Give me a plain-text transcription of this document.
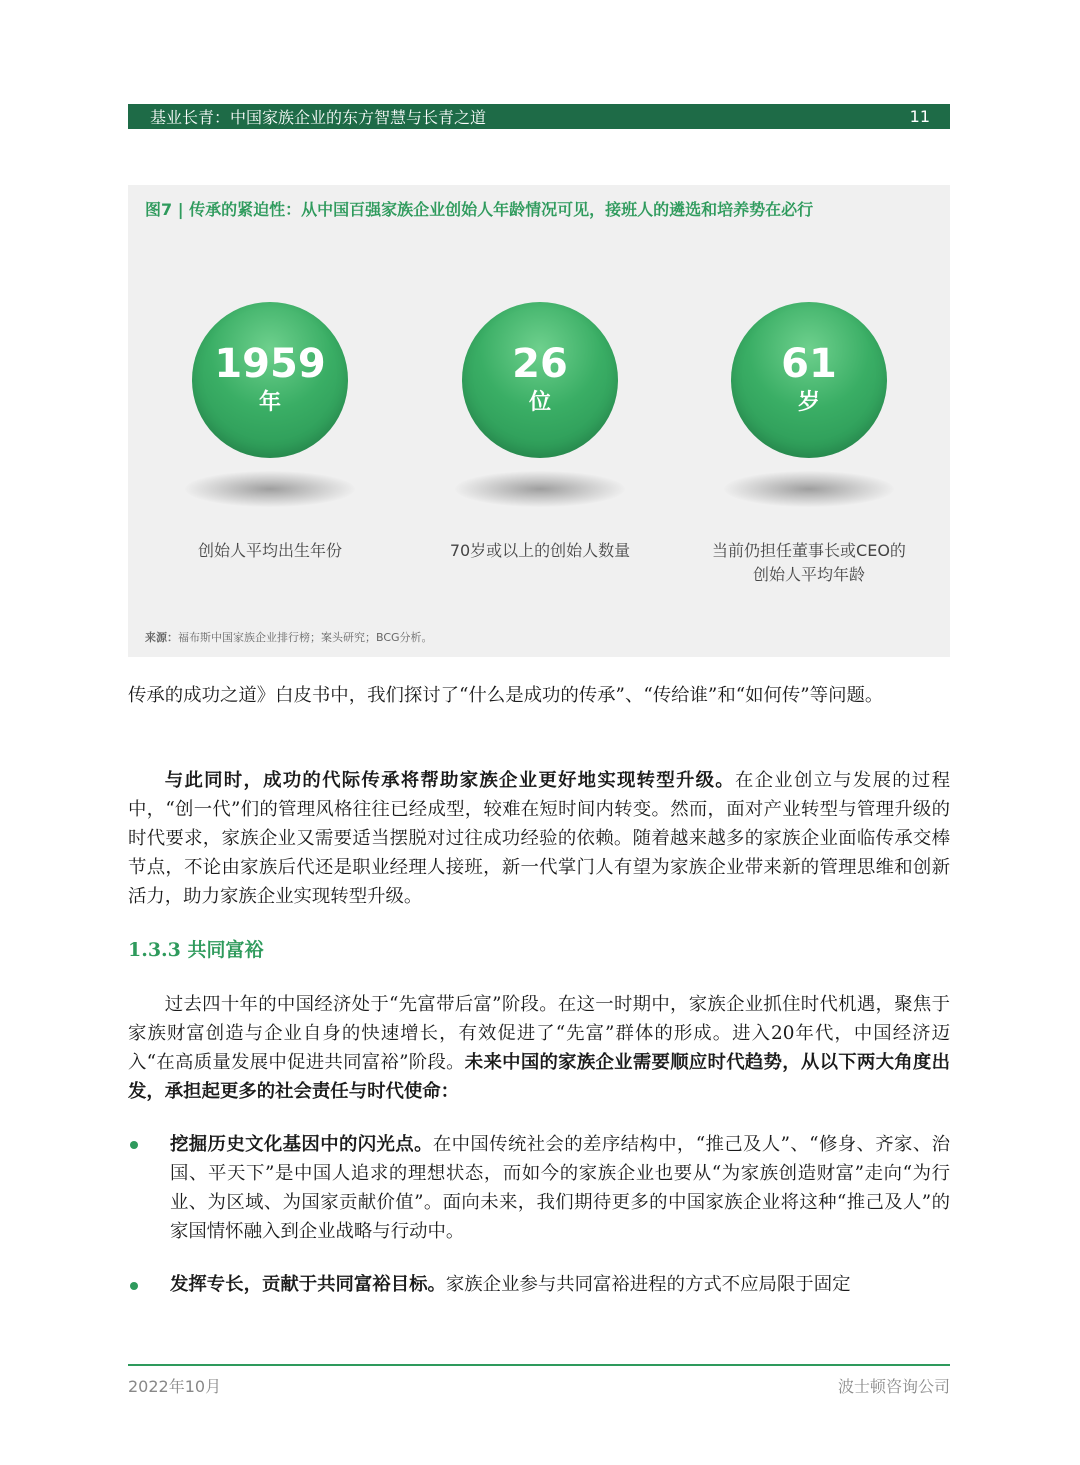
基业长青：中国家族企业的东方智慧与长青之道	11
图7 | 传承的紧迫性：从中国百强家族企业创始人年龄情况可见，接班人的遴选和培养势在必行
1959
年
创始人平均出生年份
26
位
70岁或以上的创始人数量
61
岁
当前仍担任董事长或CEO的
创始人平均年龄
来源：福布斯中国家族企业排行榜；案头研究；BCG分析。
传承的成功之道》白皮书中，我们探讨了“什么是成功的传承”、“传给谁”和“如何传”等问题。
与此同时，成功的代际传承将帮助家族企业更好地实现转型升级。在企业创立与发展的过程中，“创一代”们的管理风格往往已经成型，较难在短时间内转变。然而，面对产业转型与管理升级的时代要求，家族企业又需要适当摆脱对过往成功经验的依赖。随着越来越多的家族企业面临传承交棒节点，不论由家族后代还是职业经理人接班，新一代掌门人有望为家族企业带来新的管理思维和创新活力，助力家族企业实现转型升级。
1.3.3 共同富裕
过去四十年的中国经济处于“先富带后富”阶段。在这一时期中，家族企业抓住时代机遇，聚焦于家族财富创造与企业自身的快速增长，有效促进了“先富”群体的形成。进入20年代，中国经济迈入“在高质量发展中促进共同富裕”阶段。未来中国的家族企业需要顺应时代趋势，从以下两大角度出发，承担起更多的社会责任与时代使命：
挖掘历史文化基因中的闪光点。在中国传统社会的差序结构中，“推己及人”、“修身、齐家、治国、平天下”是中国人追求的理想状态，而如今的家族企业也要从“为家族创造财富”走向“为行业、为区域、为国家贡献价值”。面向未来，我们期待更多的中国家族企业将这种“推己及人”的家国情怀融入到企业战略与行动中。
发挥专长，贡献于共同富裕目标。家族企业参与共同富裕进程的方式不应局限于固定
2022年10月	波士顿咨询公司
